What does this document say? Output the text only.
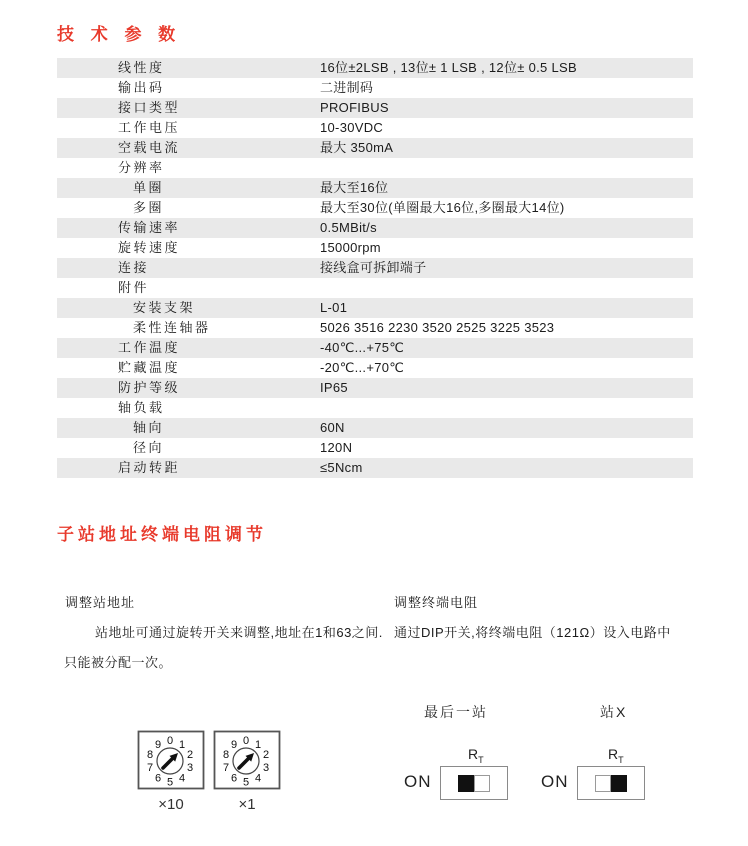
技 术 参 数
线性度	16位±2LSB , 13位± 1 LSB , 12位± 0.5 LSB
输出码	二进制码
接口类型	PROFIBUS
工作电压	10-30VDC
空载电流	最大 350mA
分辨率
单圈	最大至16位
多圈	最大至30位(单圈最大16位,多圈最大14位)
传输速率	0.5MBit/s
旋转速度	15000rpm
连接	接线盒可拆卸端子
附件
安装支架	L-01
柔性连轴器	5026 3516 2230 3520 2525 3225 3523
工作温度	-40℃...+75℃
贮藏温度	-20℃...+70℃
防护等级	IP65
轴负载
轴向	60N
径向	120N
启动转距	≤5Ncm
子站地址终端电阻调节
调整站地址
站地址可通过旋转开关来调整,地址在1和63之间.
只能被分配一次。
调整终端电阻
通过DIP开关,将终端电阻（121Ω）设入电路中
0 1
2
3
4
5
6
7
8
9	0 1
2
3
4
5
6
7
8
9
×10	×1
最后一站
$R_T$
ON
站X
$R_T$
ON
